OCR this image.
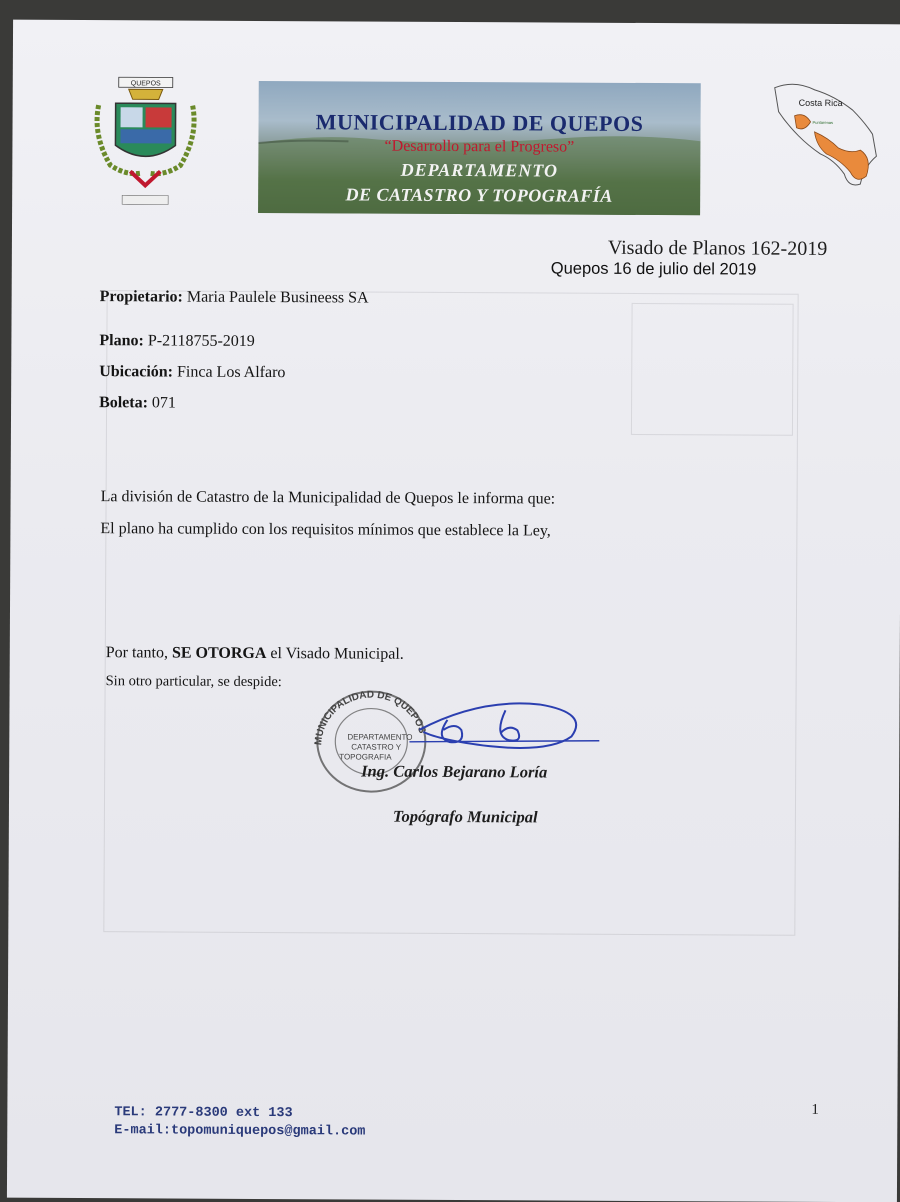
QUEPOS
MUNICIPALIDAD DE QUEPOS
“Desarrollo para el Progreso”
DEPARTAMENTO
DE CATASTRO Y TOPOGRAFÍA
Costa Rica
Puntarenas
Visado de Planos 162-2019
Quepos 16 de julio del 2019
Propietario: Maria Paulele Busineess SA
Plano: P-2118755-2019
Ubicación: Finca Los Alfaro
Boleta: 071
La división de Catastro de la Municipalidad de Quepos le informa que:
El plano ha cumplido con los requisitos mínimos que establece la Ley,
Por tanto, SE OTORGA el Visado Municipal.
Sin otro particular, se despide:
MUNICIPALIDAD DE QUEPOS
DEPARTAMENTO
CATASTRO Y
TOPOGRAFIA
Ing. Carlos Bejarano Loría
Topógrafo Municipal
TEL: 2777-8300 ext 133
E-mail:topomuniquepos@gmail.com
1
